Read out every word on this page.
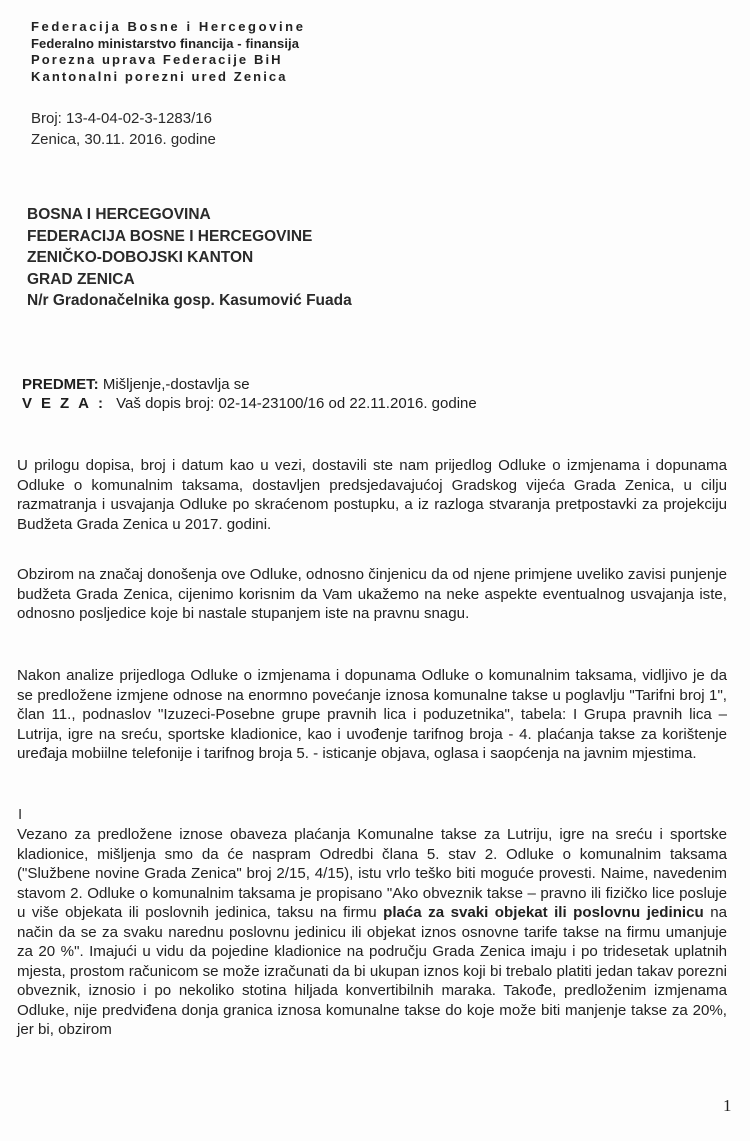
Federacija Bosne i Hercegovine
Federalno ministarstvo financija - finansija
Porezna uprava Federacije BiH
Kantonalni porezni ured Zenica
Broj: 13-4-04-02-3-1283/16
Zenica, 30.11. 2016. godine
BOSNA I HERCEGOVINA
FEDERACIJA BOSNE I HERCEGOVINE
ZENIČKO-DOBOJSKI KANTON
GRAD ZENICA
N/r Gradonačelnika gosp. Kasumović Fuada
PREDMET: Mišljenje,-dostavlja se
VEZA: Vaš dopis broj: 02-14-23100/16 od 22.11.2016. godine

U prilogu dopisa, broj i datum kao u vezi, dostavili ste nam prijedlog Odluke o izmjenama i dopunama Odluke o komunalnim taksama, dostavljen predsjedavajućoj Gradskog vijeća Grada Zenica, u cilju razmatranja i usvajanja Odluke po skraćenom postupku, a iz razloga stvaranja pretpostavki za projekciju Budžeta Grada Zenica u 2017. godini.

Obzirom na značaj donošenja ove Odluke, odnosno činjenicu da od njene primjene uveliko zavisi punjenje budžeta Grada Zenica, cijenimo korisnim da Vam ukažemo na neke aspekte eventualnog usvajanja iste, odnosno posljedice koje bi nastale stupanjem iste na pravnu snagu.

Nakon analize prijedloga Odluke o izmjenama i dopunama Odluke o komunalnim taksama, vidljivo je da se predložene izmjene odnose na enormno povećanje iznosa komunalne takse u poglavlju "Tarifni broj 1", član 11., podnaslov "Izuzeci-Posebne grupe pravnih lica i poduzetnika", tabela: I Grupa pravnih lica – Lutrija, igre na sreću, sportske kladionice, kao i uvođenje tarifnog broja - 4. plaćanja takse za korištenje uređaja mobiilne telefonije i tarifnog broja 5. - isticanje objava, oglasa i saopćenja na javnim mjestima.

I

Vezano za predložene iznose obaveza plaćanja Komunalne takse za Lutriju, igre na sreću i sportske kladionice, mišljenja smo da će naspram Odredbi člana 5. stav 2. Odluke o komunalnim taksama ("Službene novine Grada Zenica" broj 2/15, 4/15), istu vrlo teško biti moguće provesti. Naime, navedenim stavom 2. Odluke o komunalnim taksama je propisano "Ako obveznik takse – pravno ili fizičko lice posluje u više objekata ili poslovnih jedinica, taksu na firmu plaća za svaki objekat ili poslovnu jedinicu na način da se za svaku narednu poslovnu jedinicu ili objekat iznos osnovne tarife takse na firmu umanjuje za 20 %". Imajući u vidu da pojedine kladionice na području Grada Zenica imaju i po tridesetak uplatnih mjesta, prostom računicom se može izračunati da bi ukupan iznos koji bi trebalo platiti jedan takav porezni obveznik, iznosio i po nekoliko stotina hiljada konvertibilnih maraka. Takođe, predloženim izmjenama Odluke, nije predviđena donja granica iznosa komunalne takse do koje može biti manjenje takse za 20%, jer bi, obzirom

1
